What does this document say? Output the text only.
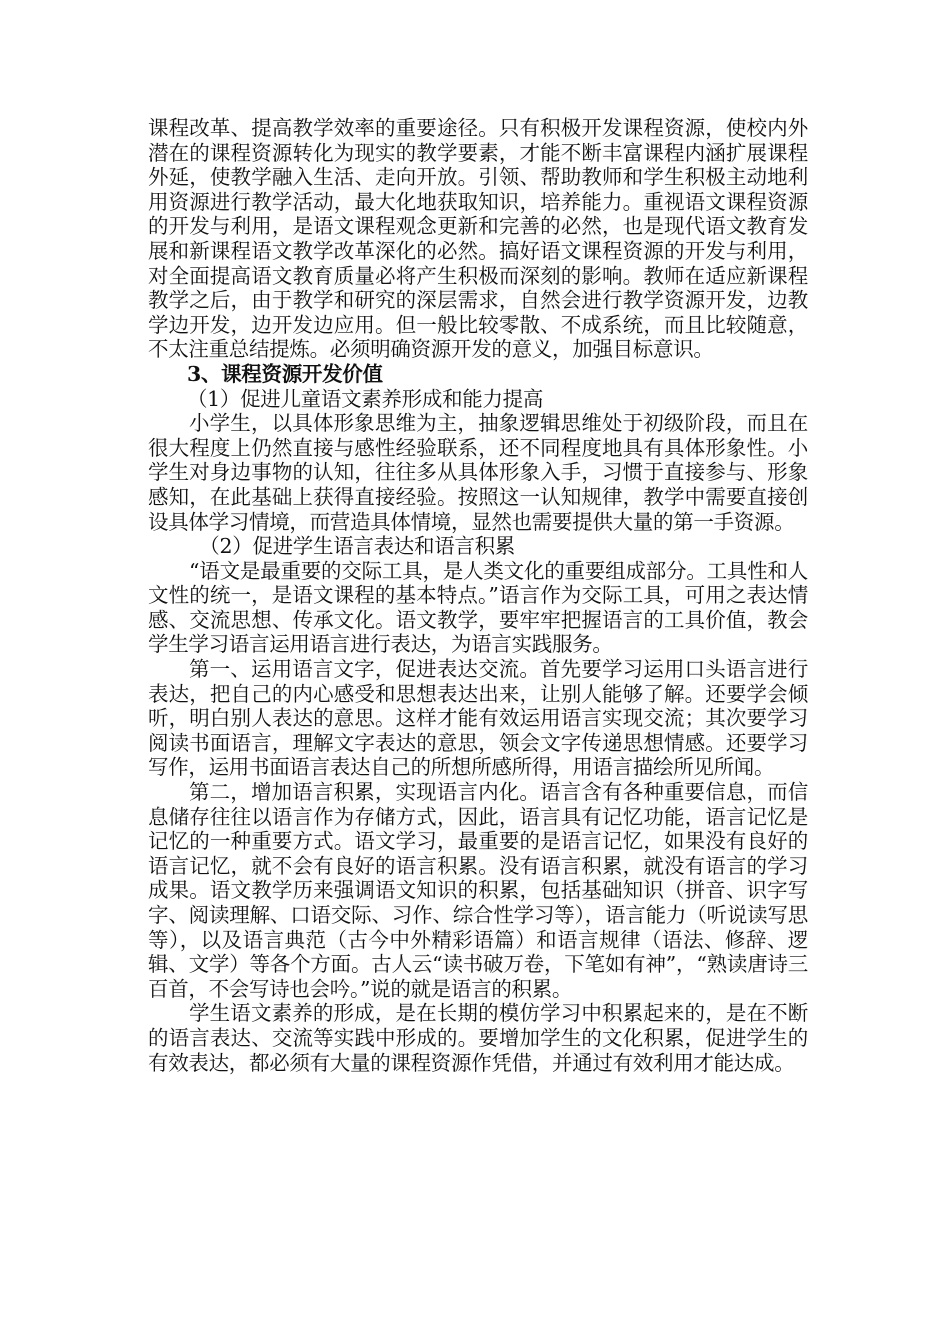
课程改革、提高教学效率的重要途径。只有积极开发课程资源，使校内外潜在的课程资源转化为现实的教学要素，才能不断丰富课程内涵扩展课程外延，使教学融入生活、走向开放。引领、帮助教师和学生积极主动地利用资源进行教学活动，最大化地获取知识，培养能力。重视语文课程资源的开发与利用，是语文课程观念更新和完善的必然，也是现代语文教育发展和新课程语文教学改革深化的必然。搞好语文课程资源的开发与利用，对全面提高语文教育质量必将产生积极而深刻的影响。教师在适应新课程教学之后，由于教学和研究的深层需求，自然会进行教学资源开发，边教学边开发，边开发边应用。但一般比较零散、不成系统，而且比较随意，不太注重总结提炼。必须明确资源开发的意义，加强目标意识。

3、课程资源开发价值

（1）促进儿童语文素养形成和能力提高

小学生，以具体形象思维为主，抽象逻辑思维处于初级阶段，而且在很大程度上仍然直接与感性经验联系，还不同程度地具有具体形象性。小学生对身边事物的认知，往往多从具体形象入手，习惯于直接参与、形象感知，在此基础上获得直接经验。按照这一认知规律，教学中需要直接创设具体学习情境，而营造具体情境，显然也需要提供大量的第一手资源。

（2）促进学生语言表达和语言积累

“语文是最重要的交际工具，是人类文化的重要组成部分。工具性和人文性的统一，是语文课程的基本特点。”语言作为交际工具，可用之表达情感、交流思想、传承文化。语文教学，要牢牢把握语言的工具价值，教会学生学习语言运用语言进行表达，为语言实践服务。

第一、运用语言文字，促进表达交流。首先要学习运用口头语言进行表达，把自己的内心感受和思想表达出来，让别人能够了解。还要学会倾听，明白别人表达的意思。这样才能有效运用语言实现交流；其次要学习阅读书面语言，理解文字表达的意思，领会文字传递思想情感。还要学习写作，运用书面语言表达自己的所想所感所得，用语言描绘所见所闻。

第二，增加语言积累，实现语言内化。语言含有各种重要信息，而信息储存往往以语言作为存储方式，因此，语言具有记忆功能，语言记忆是记忆的一种重要方式。语文学习，最重要的是语言记忆，如果没有良好的语言记忆，就不会有良好的语言积累。没有语言积累，就没有语言的学习成果。语文教学历来强调语文知识的积累，包括基础知识（拼音、识字写字、阅读理解、口语交际、习作、综合性学习等），语言能力（听说读写思等），以及语言典范（古今中外精彩语篇）和语言规律（语法、修辞、逻辑、文学）等各个方面。古人云“读书破万卷，下笔如有神”，“熟读唐诗三百首，不会写诗也会吟。”说的就是语言的积累。

学生语文素养的形成，是在长期的模仿学习中积累起来的，是在不断的语言表达、交流等实践中形成的。要增加学生的文化积累，促进学生的有效表达，都必须有大量的课程资源作凭借，并通过有效利用才能达成。
